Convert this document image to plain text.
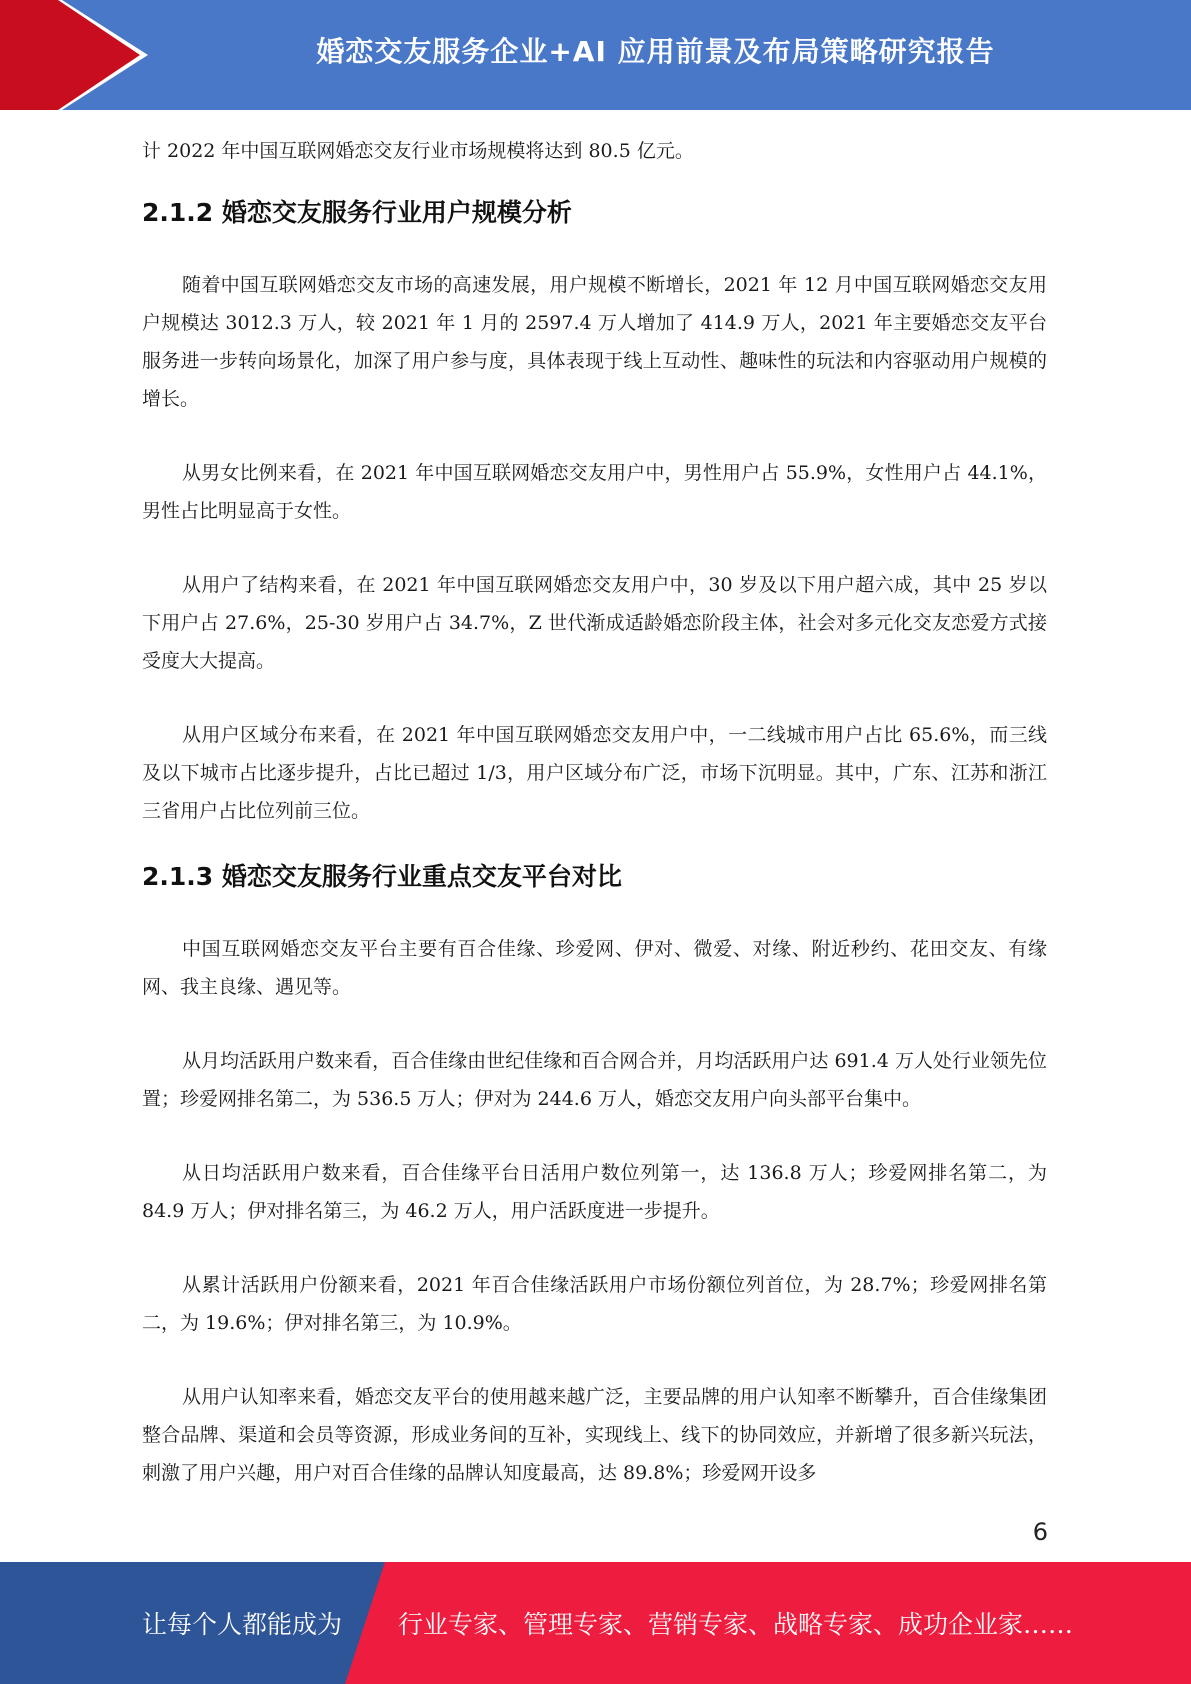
婚恋交友服务企业+AI 应用前景及布局策略研究报告

计 2022 年中国互联网婚恋交友行业市场规模将达到 80.5 亿元。

2.1.2 婚恋交友服务行业用户规模分析

随着中国互联网婚恋交友市场的高速发展，用户规模不断增长，2021 年 12 月中国互联网婚恋交友用户规模达 3012.3 万人，较 2021 年 1 月的 2597.4 万人增加了 414.9 万人，2021 年主要婚恋交友平台服务进一步转向场景化，加深了用户参与度，具体表现于线上互动性、趣味性的玩法和内容驱动用户规模的增长。

从男女比例来看，在 2021 年中国互联网婚恋交友用户中，男性用户占 55.9%，女性用户占 44.1%，男性占比明显高于女性。

从用户了结构来看，在 2021 年中国互联网婚恋交友用户中，30 岁及以下用户超六成，其中 25 岁以下用户占 27.6%，25-30 岁用户占 34.7%，Z 世代渐成适龄婚恋阶段主体，社会对多元化交友恋爱方式接受度大大提高。

从用户区域分布来看，在 2021 年中国互联网婚恋交友用户中，一二线城市用户占比 65.6%，而三线及以下城市占比逐步提升，占比已超过 1/3，用户区域分布广泛，市场下沉明显。其中，广东、江苏和浙江三省用户占比位列前三位。

2.1.3 婚恋交友服务行业重点交友平台对比

中国互联网婚恋交友平台主要有百合佳缘、珍爱网、伊对、微爱、对缘、附近秒约、花田交友、有缘网、我主良缘、遇见等。

从月均活跃用户数来看，百合佳缘由世纪佳缘和百合网合并，月均活跃用户达 691.4 万人处行业领先位置；珍爱网排名第二，为 536.5 万人；伊对为 244.6 万人，婚恋交友用户向头部平台集中。

从日均活跃用户数来看，百合佳缘平台日活用户数位列第一，达 136.8 万人；珍爱网排名第二，为 84.9 万人；伊对排名第三，为 46.2 万人，用户活跃度进一步提升。

从累计活跃用户份额来看，2021 年百合佳缘活跃用户市场份额位列首位，为 28.7%；珍爱网排名第二，为 19.6%；伊对排名第三，为 10.9%。

从用户认知率来看，婚恋交友平台的使用越来越广泛，主要品牌的用户认知率不断攀升，百合佳缘集团整合品牌、渠道和会员等资源，形成业务间的互补，实现线上、线下的协同效应，并新增了很多新兴玩法，刺激了用户兴趣，用户对百合佳缘的品牌认知度最高，达 89.8%；珍爱网开设多

6
让每个人都能成为 行业专家、管理专家、营销专家、战略专家、成功企业家……
